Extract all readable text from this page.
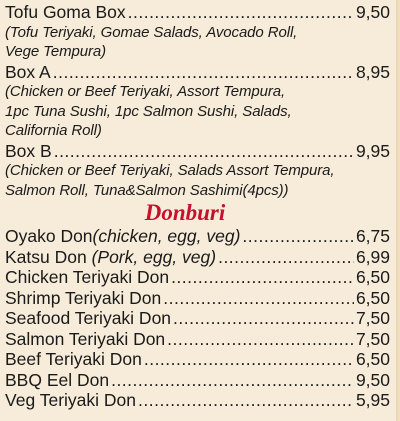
Tofu Goma Box .....	9,50
(Tofu Teriyaki, Gomae Salads, Avocado Roll,
Vege Tempura)
Box A .....	8,95
(Chicken or Beef Teriyaki, Assort Tempura,
1pc Tuna Sushi, 1pc Salmon Sushi, Salads,
California Roll)
Box B .....	9,95
(Chicken or Beef Teriyaki, Salads Assort Tempura,
Salmon Roll, Tuna&Salmon Sashimi(4pcs))
Donburi
Oyako Don(chicken, egg, veg) .....	6,75
Katsu Don (Pork, egg, veg) .....	6,99
Chicken Teriyaki Don .....	6,50
Shrimp Teriyaki Don .....	6,50
Seafood Teriyaki Don .....	7,50
Salmon Teriyaki Don .....	7,50
Beef Teriyaki Don .....	6,50
BBQ Eel Don .....	9,50
Veg Teriyaki Don .....	5,95
